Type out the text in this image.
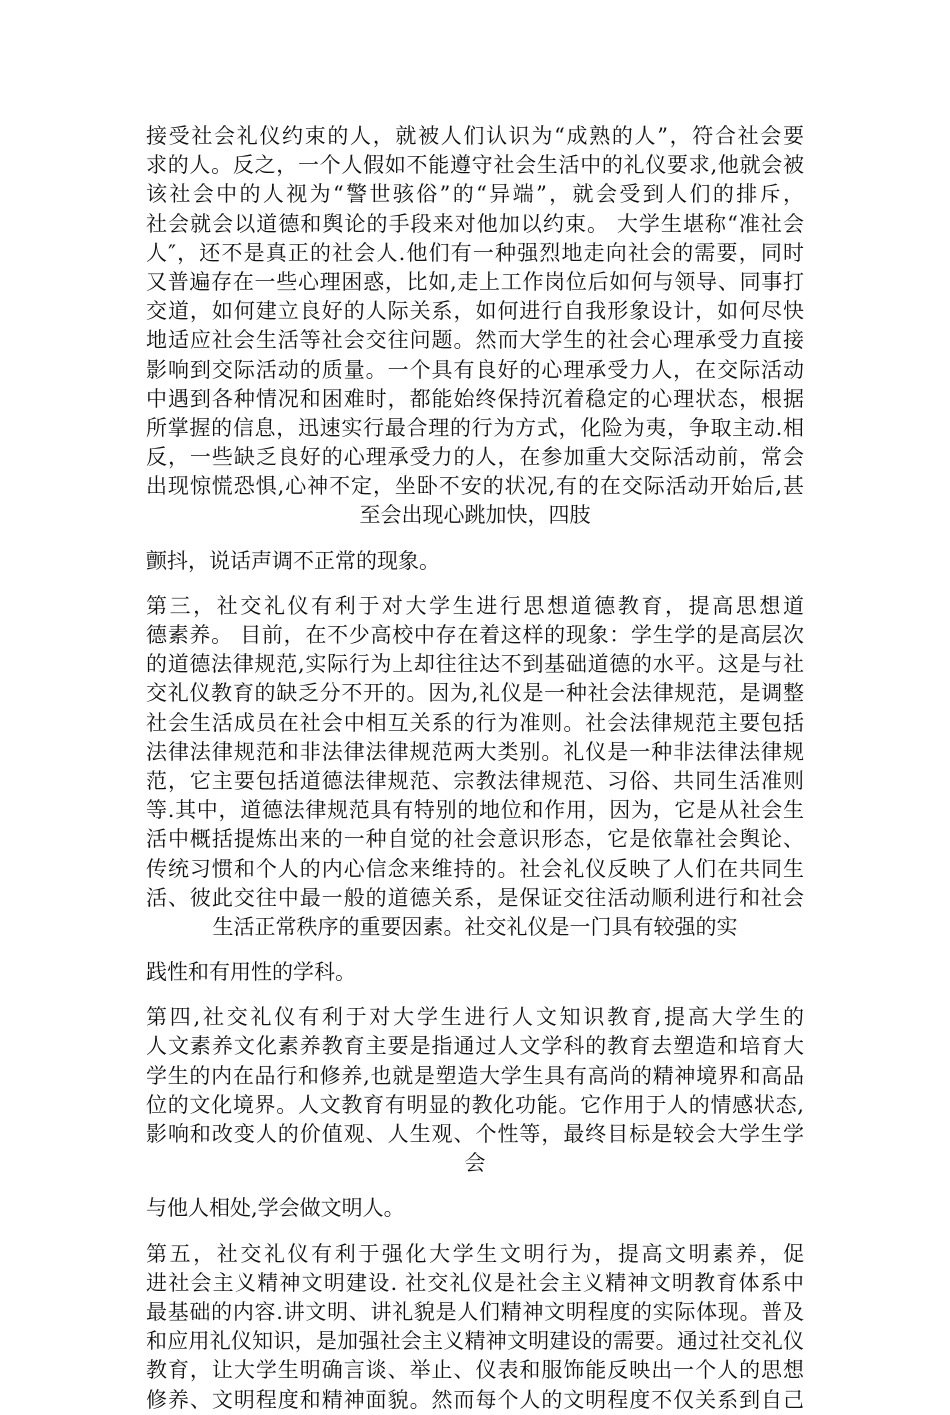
接受社会礼仪约束的人，就被人们认识为“成熟的人”，符合社会要
求的人。反之，一个人假如不能遵守社会生活中的礼仪要求,他就会被
该社会中的人视为“警世骇俗”的“异端”，就会受到人们的排斥，
社会就会以道德和舆论的手段来对他加以约束。 大学生堪称“准社会
人″，还不是真正的社会人.他们有一种强烈地走向社会的需要，同时
又普遍存在一些心理困惑，比如,走上工作岗位后如何与领导、同事打
交道，如何建立良好的人际关系，如何进行自我形象设计，如何尽快
地适应社会生活等社会交往问题。然而大学生的社会心理承受力直接
影响到交际活动的质量。一个具有良好的心理承受力人，在交际活动
中遇到各种情况和困难时，都能始终保持沉着稳定的心理状态，根据
所掌握的信息，迅速实行最合理的行为方式，化险为夷，争取主动.相
反，一些缺乏良好的心理承受力的人，在参加重大交际活动前，常会
出现惊慌恐惧,心神不定，坐卧不安的状况,有的在交际活动开始后,甚
至会出现心跳加快，四肢
颤抖，说话声调不正常的现象。
第三，社交礼仪有利于对大学生进行思想道德教育，提高思想道
德素养。 目前，在不少高校中存在着这样的现象：学生学的是高层次
的道德法律规范,实际行为上却往往达不到基础道德的水平。这是与社
交礼仪教育的缺乏分不开的。因为,礼仪是一种社会法律规范，是调整
社会生活成员在社会中相互关系的行为准则。社会法律规范主要包括
法律法律规范和非法律法律规范两大类别。礼仪是一种非法律法律规
范，它主要包括道德法律规范、宗教法律规范、习俗、共同生活准则
等.其中，道德法律规范具有特别的地位和作用，因为，它是从社会生
活中概括提炼出来的一种自觉的社会意识形态，它是依靠社会舆论、
传统习惯和个人的内心信念来维持的。社会礼仪反映了人们在共同生
活、彼此交往中最一般的道德关系，是保证交往活动顺利进行和社会
生活正常秩序的重要因素。社交礼仪是一门具有较强的实
践性和有用性的学科。
第四,社交礼仪有利于对大学生进行人文知识教育,提高大学生的
人文素养文化素养教育主要是指通过人文学科的教育去塑造和培育大
学生的内在品行和修养,也就是塑造大学生具有高尚的精神境界和高品
位的文化境界。人文教育有明显的教化功能。它作用于人的情感状态,
影响和改变人的价值观、人生观、个性等，最终目标是较会大学生学
会
与他人相处,学会做文明人。
第五，社交礼仪有利于强化大学生文明行为，提高文明素养，促
进社会主义精神文明建设. 社交礼仪是社会主义精神文明教育体系中
最基础的内容.讲文明、讲礼貌是人们精神文明程度的实际体现。普及
和应用礼仪知识，是加强社会主义精神文明建设的需要。通过社交礼仪
教育，让大学生明确言谈、举止、仪表和服饰能反映出一个人的思想
修养、文明程度和精神面貌。然而每个人的文明程度不仅关系到自己
